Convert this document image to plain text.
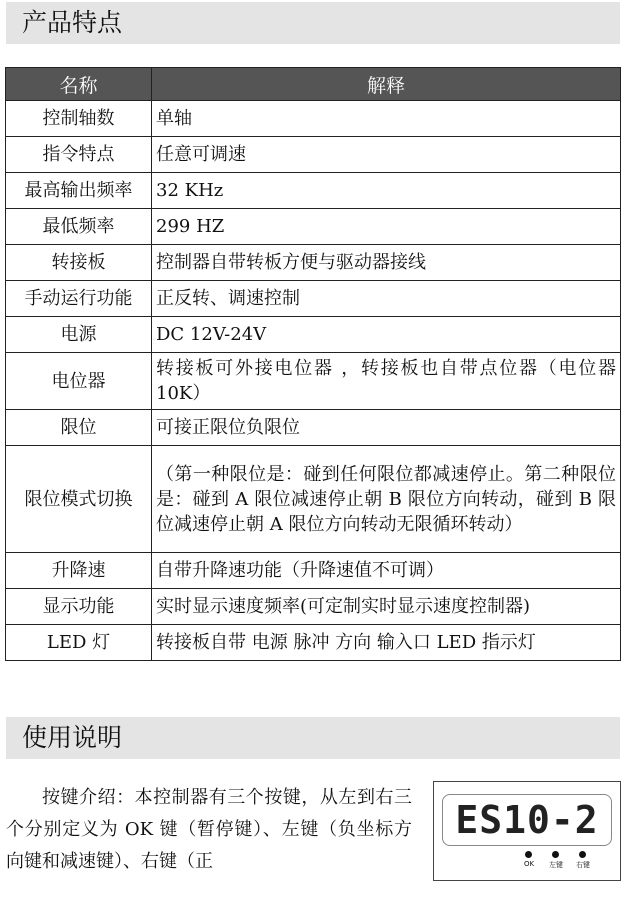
产品特点
名称	解释
控制轴数	单轴
指令特点	任意可调速
最高输出频率	32 KHz
最低频率	299 HZ
转接板	控制器自带转板方便与驱动器接线
手动运行功能	正反转、调速控制
电源	DC 12V-24V
电位器	转接板可外接电位器 ，转接板也自带点位器（电位器 10K）
限位	可接正限位负限位
限位模式切换	（第一种限位是：碰到任何限位都减速停止。第二种限位是：碰到 A 限位减速停止朝 B 限位方向转动，碰到 B 限位减速停止朝 A 限位方向转动无限循环转动）
升降速	自带升降速功能（升降速值不可调）
显示功能	实时显示速度频率(可定制实时显示速度控制器)
LED 灯	转接板自带 电源 脉冲 方向 输入口 LED 指示灯
使用说明

按键介绍：本控制器有三个按键，从左到右三个分别定义为 OK 键（暂停键）、左键（负坐标方向键和减速键）、右键（正

ES10-2
OK	左键	右键
